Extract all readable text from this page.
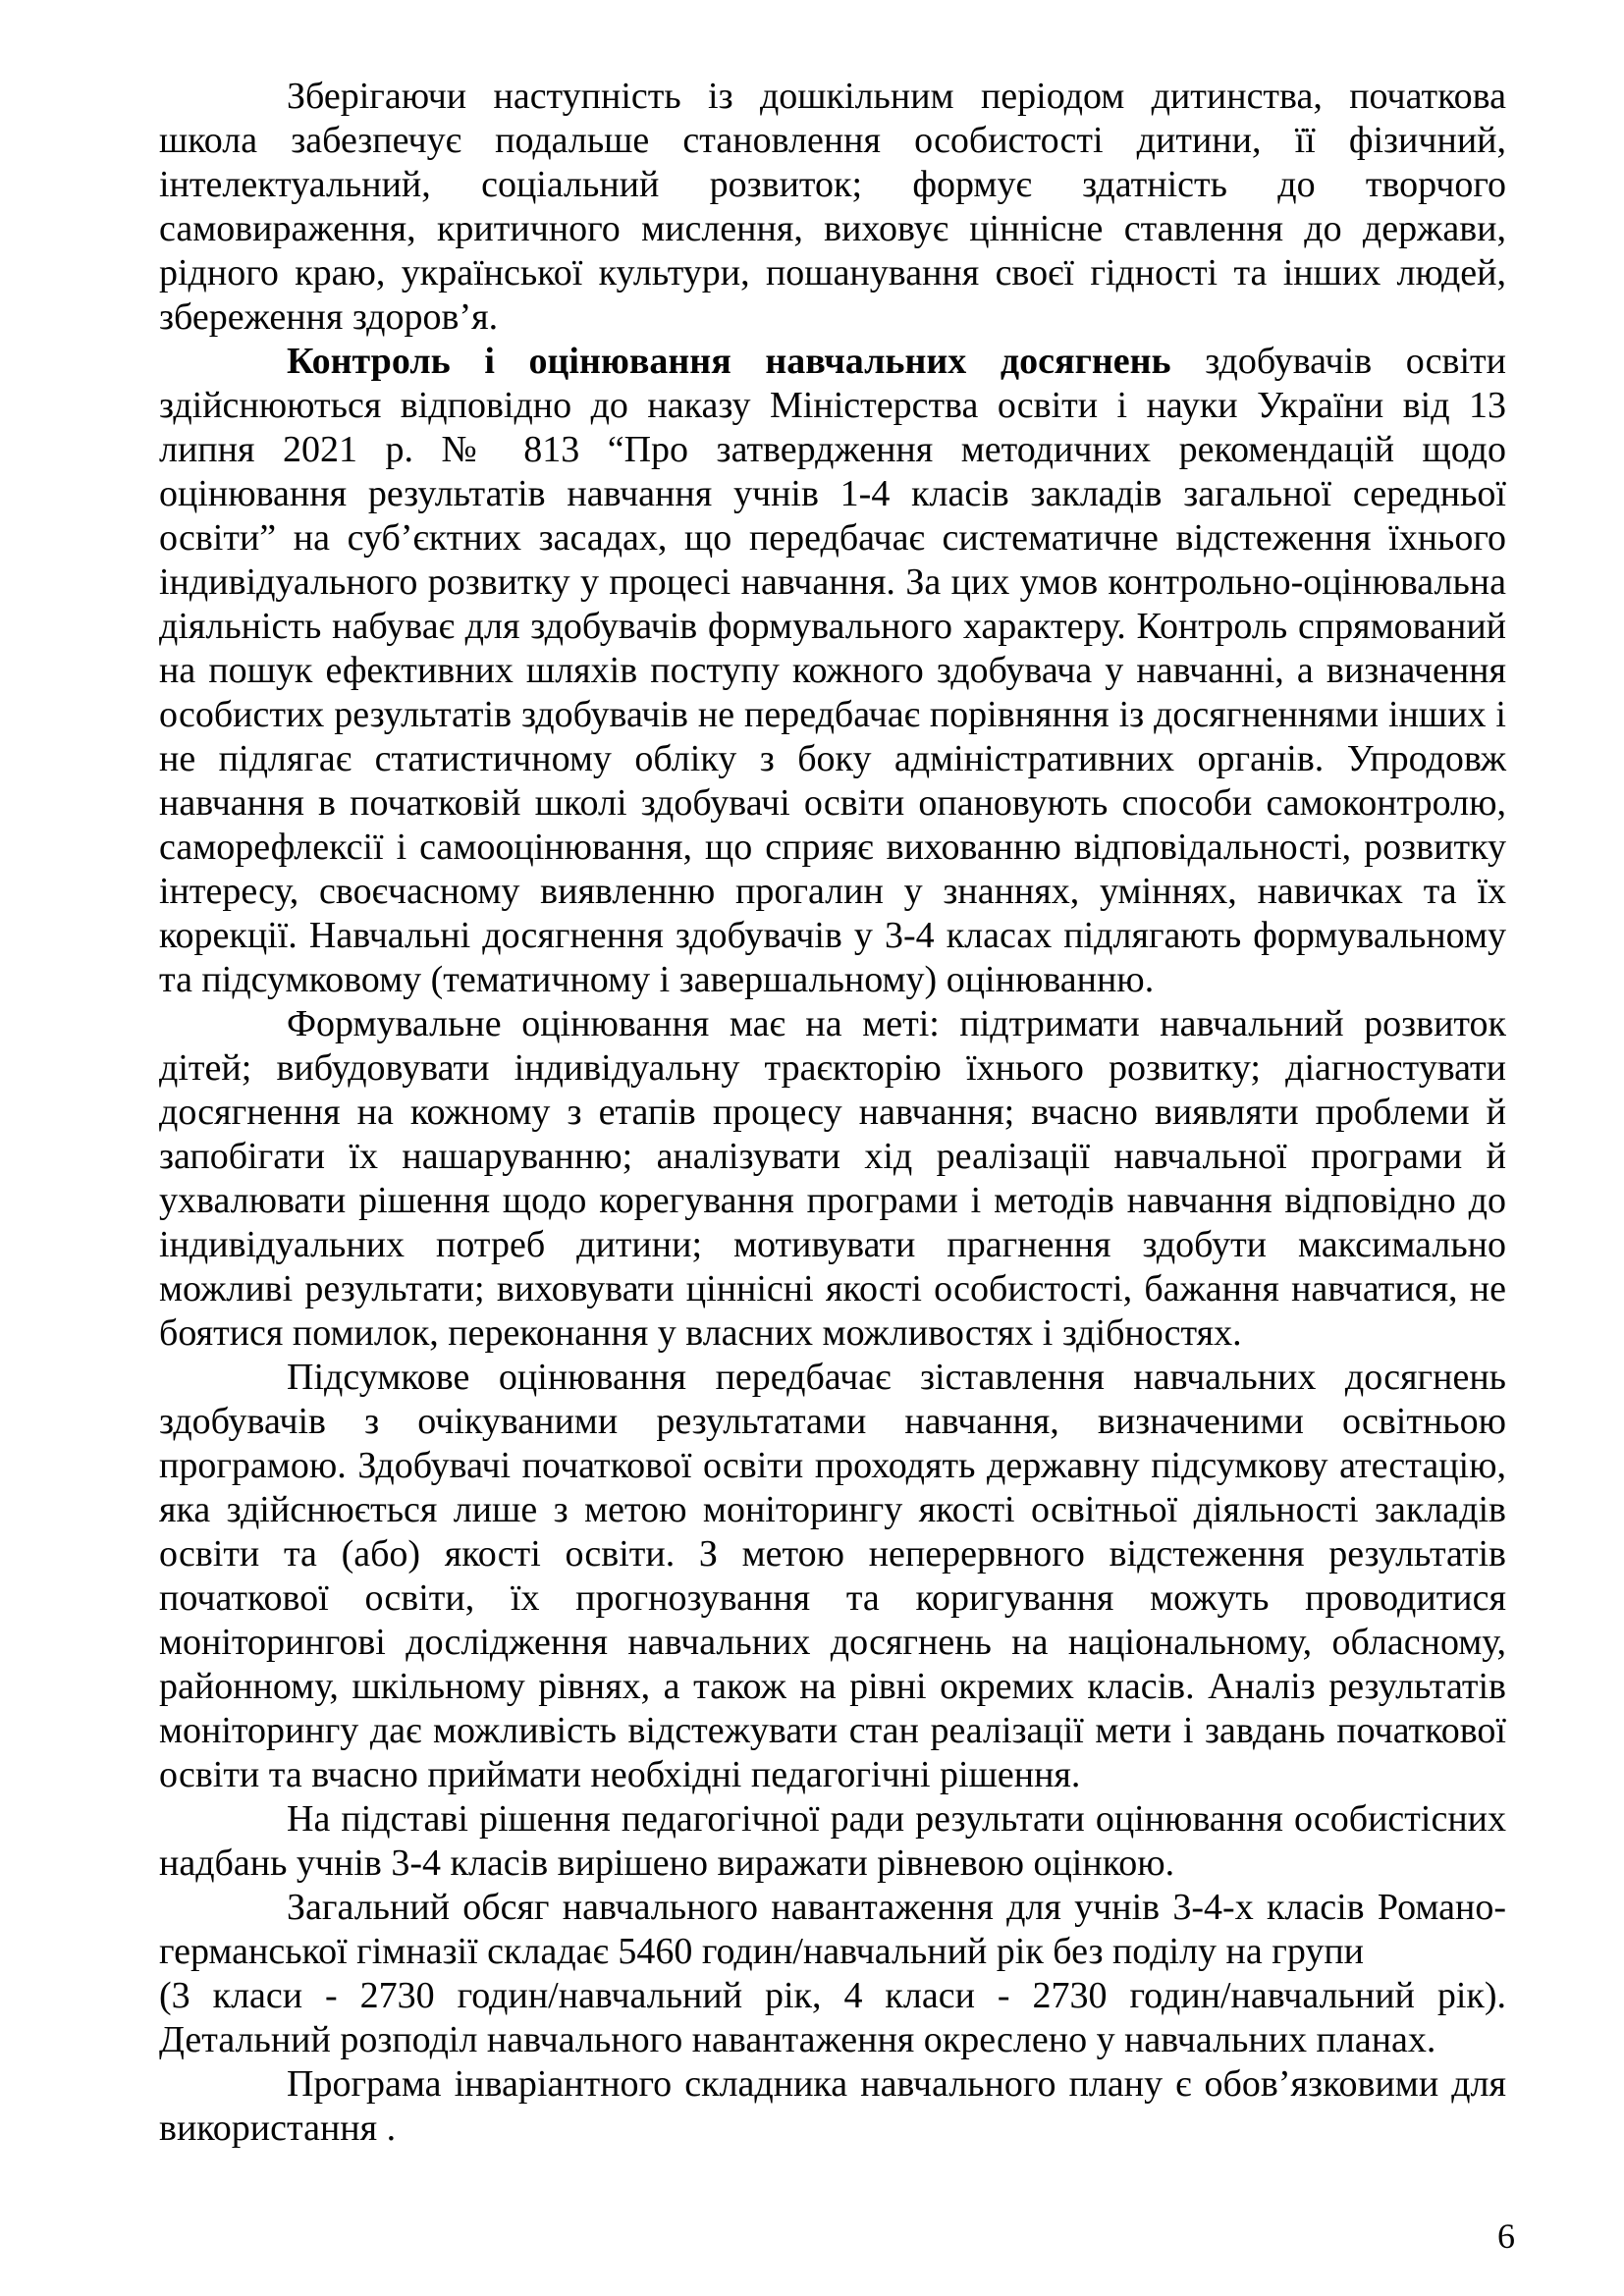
Зберігаючи наступність із дошкільним періодом дитинства, початкова школа забезпечує подальше становлення особистості дитини, її фізичний, інтелектуальний, соціальний розвиток; формує здатність до творчого самовираження, критичного мислення, виховує ціннісне ставлення до держави, рідного краю, української культури, пошанування своєї гідності та інших людей, збереження здоров’я.

Контроль і оцінювання навчальних досягнень здобувачів освіти здійснюються відповідно до наказу Міністерства освіти і науки України від 13 липня 2021 р. № 813 “Про затвердження методичних рекомендацій щодо оцінювання результатів навчання учнів 1-4 класів закладів загальної середньої освіти” на суб’єктних засадах, що передбачає систематичне відстеження їхнього індивідуального розвитку у процесі навчання. За цих умов контрольно-оцінювальна діяльність набуває для здобувачів формувального характеру. Контроль спрямований на пошук ефективних шляхів поступу кожного здобувача у навчанні, а визначення особистих результатів здобувачів не передбачає порівняння із досягненнями інших і не підлягає статистичному обліку з боку адміністративних органів. Упродовж навчання в початковій школі здобувачі освіти опановують способи самоконтролю, саморефлексії і самооцінювання, що сприяє вихованню відповідальності, розвитку інтересу, своєчасному виявленню прогалин у знаннях, уміннях, навичках та їх корекції. Навчальні досягнення здобувачів у 3-4 класах підлягають формувальному та підсумковому (тематичному і завершальному) оцінюванню.

Формувальне оцінювання має на меті: підтримати навчальний розвиток дітей; вибудовувати індивідуальну траєкторію їхнього розвитку; діагностувати досягнення на кожному з етапів процесу навчання; вчасно виявляти проблеми й запобігати їх нашаруванню; аналізувати хід реалізації навчальної програми й ухвалювати рішення щодо корегування програми і методів навчання відповідно до індивідуальних потреб дитини; мотивувати прагнення здобути максимально можливі результати; виховувати ціннісні якості особистості, бажання навчатися, не боятися помилок, переконання у власних можливостях і здібностях.

Підсумкове оцінювання передбачає зіставлення навчальних досягнень здобувачів з очікуваними результатами навчання, визначеними освітньою програмою. Здобувачі початкової освіти проходять державну підсумкову атестацію, яка здійснюється лише з метою моніторингу якості освітньої діяльності закладів освіти та (або) якості освіти. З метою неперервного відстеження результатів початкової освіти, їх прогнозування та коригування можуть проводитися моніторингові дослідження навчальних досягнень на національному, обласному, районному, шкільному рівнях, а також на рівні окремих класів. Аналіз результатів моніторингу дає можливість відстежувати стан реалізації мети і завдань початкової освіти та вчасно приймати необхідні педагогічні рішення.

На підставі рішення педагогічної ради результати оцінювання особистісних надбань учнів 3-4 класів вирішено виражати рівневою оцінкою.

Загальний обсяг навчального навантаження для учнів 3-4-х класів Романо-германської гімназії складає 5460 годин/навчальний рік без поділу на групи
(3 класи - 2730 годин/навчальний рік, 4 класи - 2730 годин/навчальний рік). Детальний розподіл навчального навантаження окреслено у навчальних планах.

Програма інваріантного складника навчального плану є обов’язковими для використання .

6
